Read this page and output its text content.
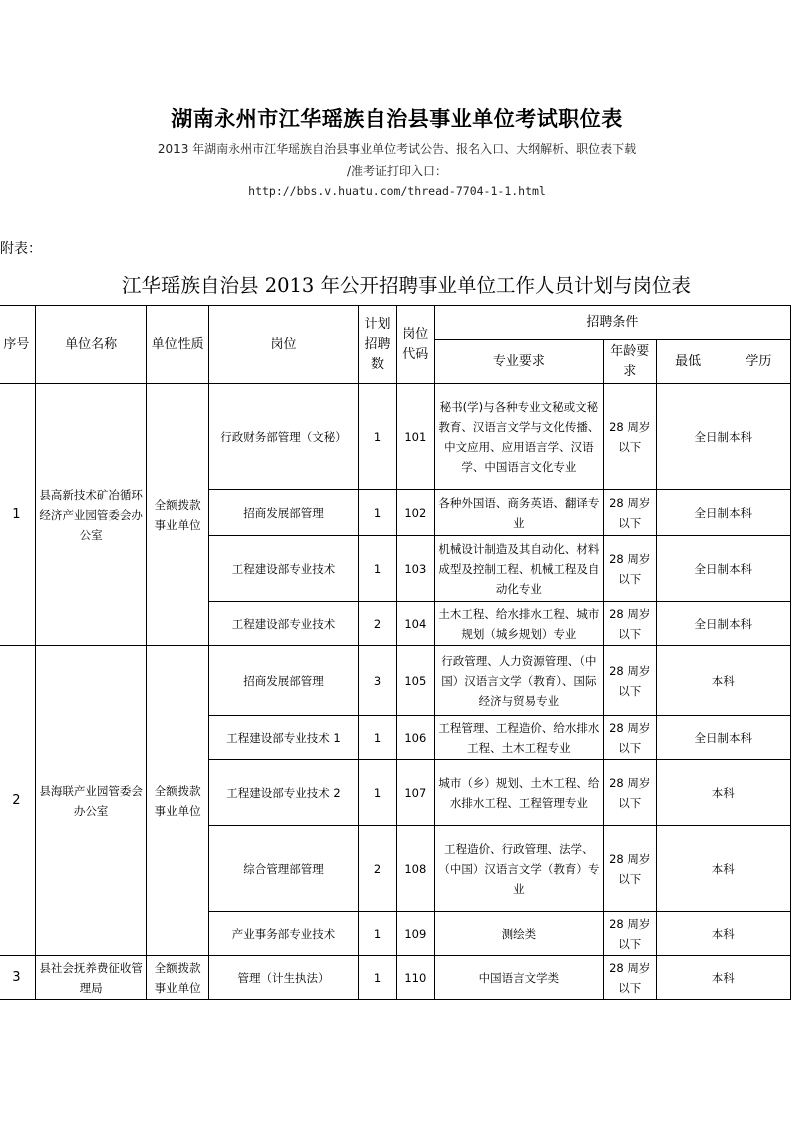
湖南永州市江华瑶族自治县事业单位考试职位表
2013 年湖南永州市江华瑶族自治县事业单位考试公告、报名入口、大纲解析、职位表下载
/准考证打印入口：
http://bbs.v.huatu.com/thread-7704-1-1.html
附表：
江华瑶族自治县 2013 年公开招聘事业单位工作人员计划与岗位表
序号	单位名称	单位性质	岗位	计划招聘数	岗位代码	招聘条件		
						专业要求	年龄要求	最低 学历
1	县高新技术矿冶循环经济产业园管委会办公室	全额拨款事业单位	行政财务部管理（文秘）	1	101	秘书(学)与各种专业文秘或文秘教育、汉语言文学与文化传播、中文应用、应用语言学、汉语学、中国语言文化专业	28 周岁以下	全日制本科
			招商发展部管理	1	102	各种外国语、商务英语、翻译专业	28 周岁以下	全日制本科
			工程建设部专业技术	1	103	机械设计制造及其自动化、材料成型及控制工程、机械工程及自动化专业	28 周岁以下	全日制本科
			工程建设部专业技术	2	104	土木工程、给水排水工程、城市规划（城乡规划）专业	28 周岁以下	全日制本科
2	县海联产业园管委会办公室	全额拨款事业单位	招商发展部管理	3	105	行政管理、人力资源管理、（中国）汉语言文学（教育）、国际经济与贸易专业	28 周岁以下	本科
			工程建设部专业技术 1	1	106	工程管理、工程造价、给水排水工程、土木工程专业	28 周岁以下	全日制本科
			工程建设部专业技术 2	1	107	城市（乡）规划、土木工程、给水排水工程、工程管理专业	28 周岁以下	本科
			综合管理部管理	2	108	工程造价、行政管理、法学、（中国）汉语言文学（教育）专业	28 周岁以下	本科
			产业事务部专业技术	1	109	测绘类	28 周岁以下	本科
3	县社会抚养费征收管理局	全额拨款事业单位	管理（计生执法）	1	110	中国语言文学类	28 周岁以下	本科
